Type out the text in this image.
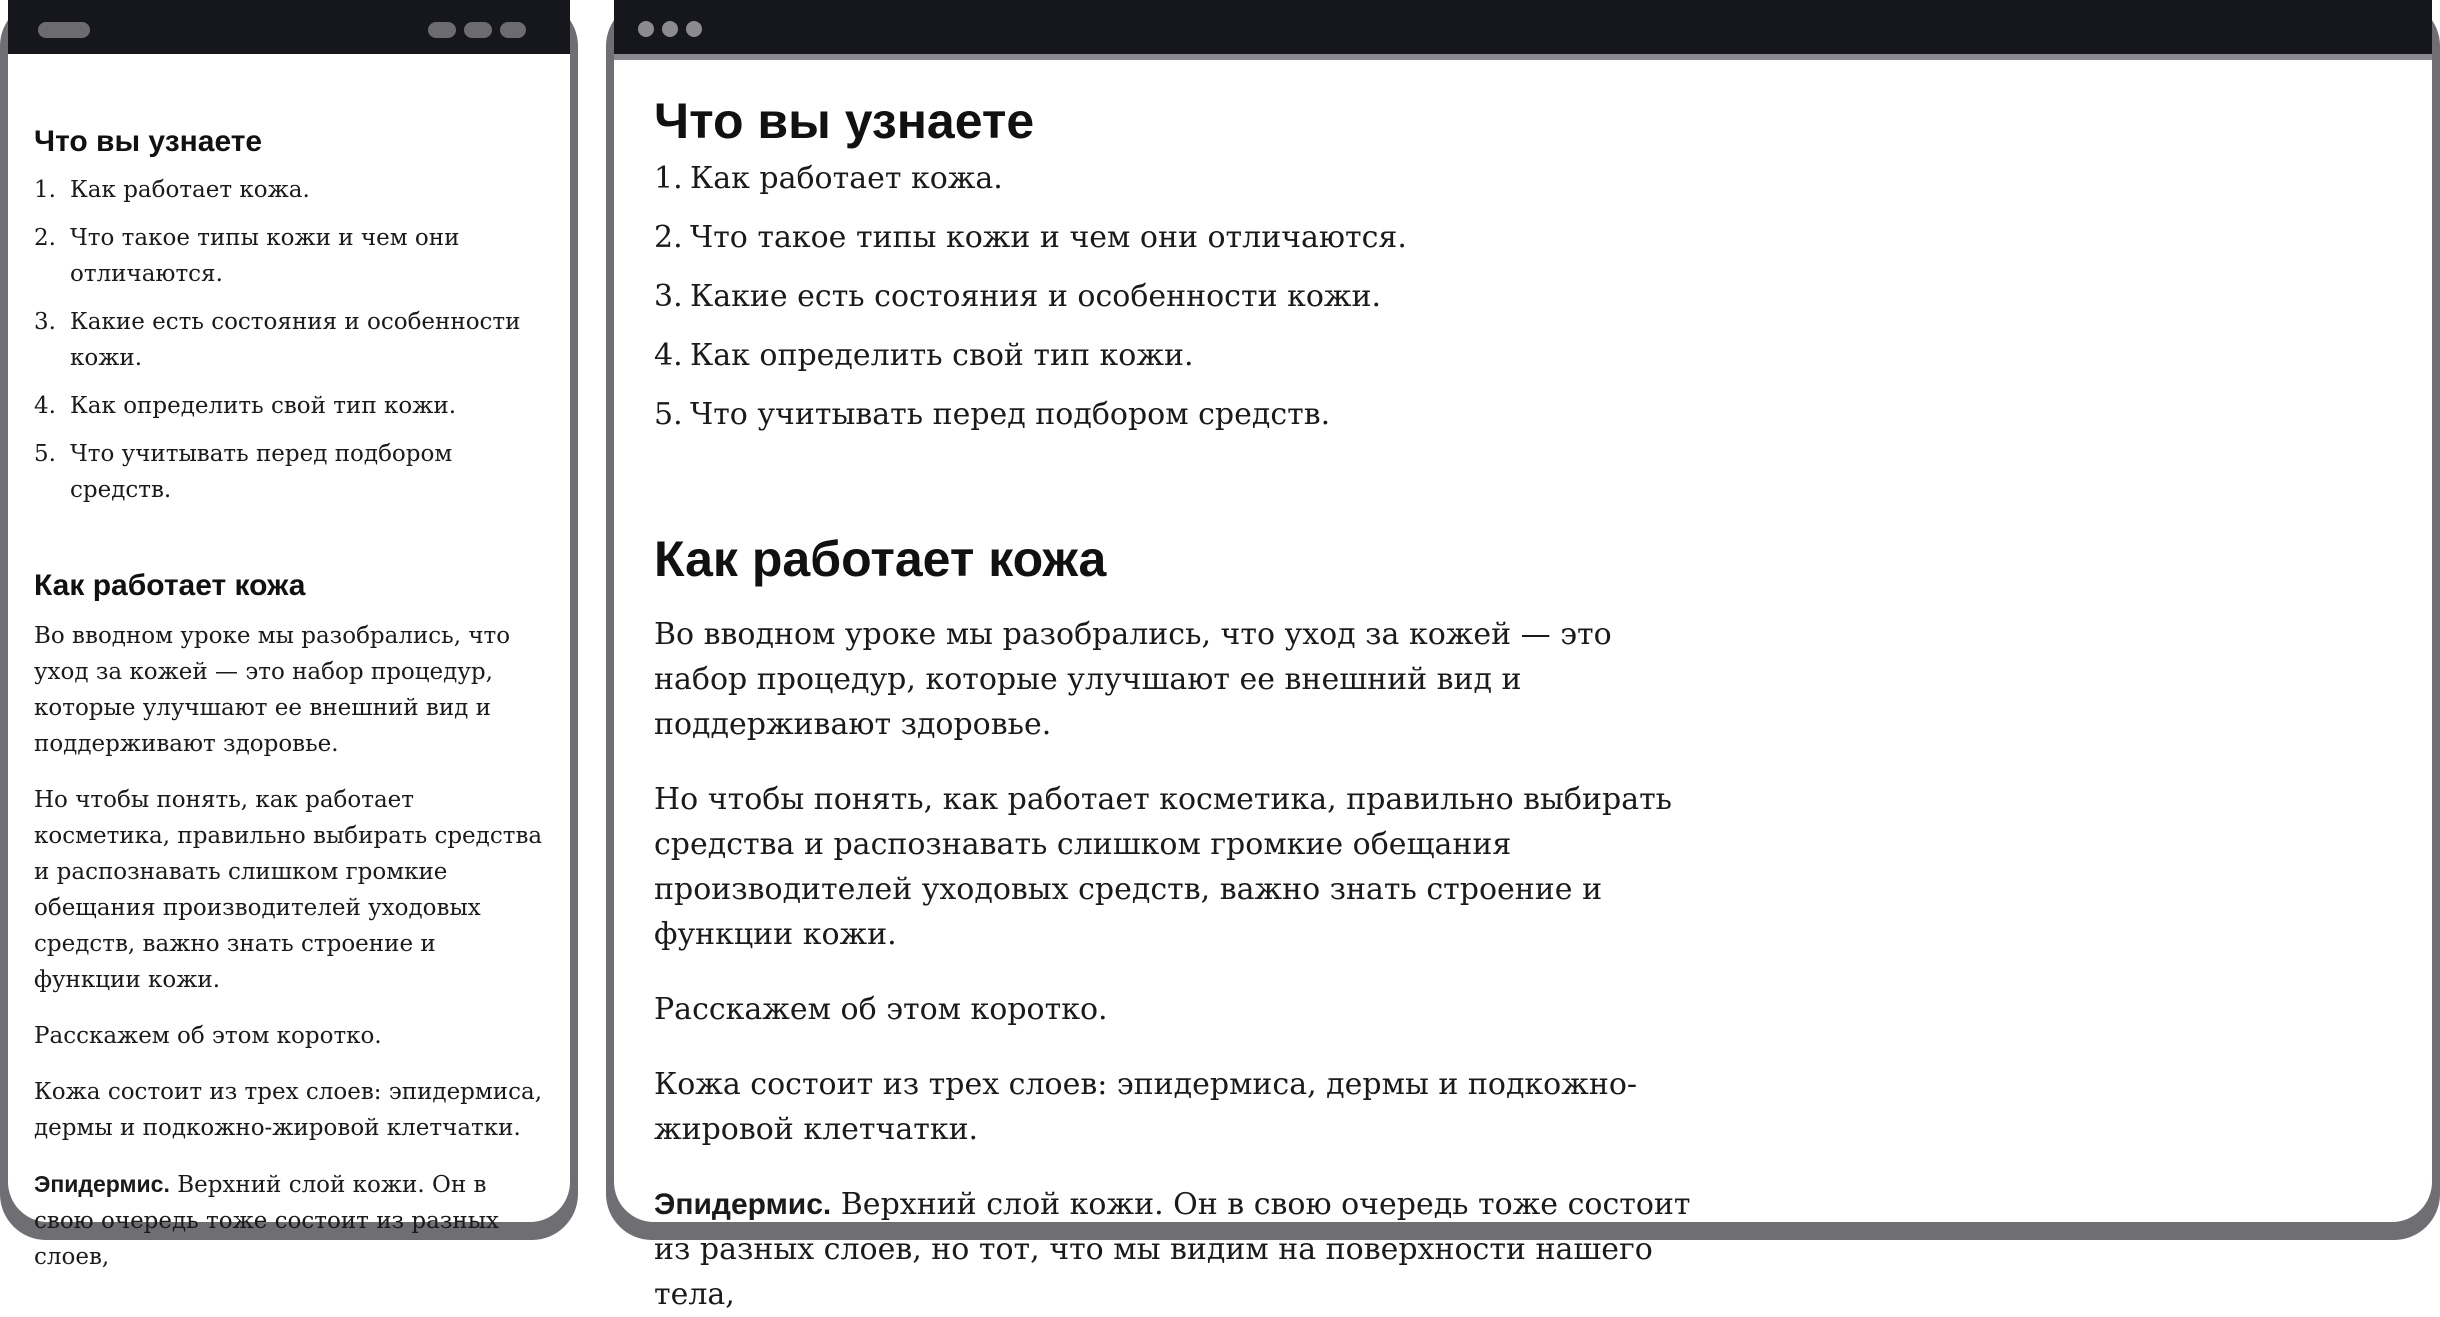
Что вы узнаете
1. Как работает кожа.
2. Что такое типы кожи и чем они отличаются.
3. Какие есть состояния и особенности кожи.
4. Как определить свой тип кожи.
5. Что учитывать перед подбором средств.
Как работает кожа

Во вводном уроке мы разобрались, что уход за кожей — это набор процедур, которые улучшают ее внешний вид и поддерживают здоровье.

Но чтобы понять, как работает косметика, правильно выбирать средства и распознавать слишком громкие обещания производителей уходовых средств, важно знать строение и функции кожи.

Расскажем об этом коротко.

Кожа состоит из трех слоев: эпидермиса, дермы и подкожно-жировой клетчатки.

Эпидермис. Верхний слой кожи. Он в свою очередь тоже состоит из разных слоев,

Что вы узнаете
1. Как работает кожа.
2. Что такое типы кожи и чем они отличаются.
3. Какие есть состояния и особенности кожи.
4. Как определить свой тип кожи.
5. Что учитывать перед подбором средств.
Как работает кожа

Во вводном уроке мы разобрались, что уход за кожей — это набор процедур, которые улучшают ее внешний вид и поддерживают здоровье.

Но чтобы понять, как работает косметика, правильно выбирать средства и распознавать слишком громкие обещания производителей уходовых средств, важно знать строение и функции кожи.

Расскажем об этом коротко.

Кожа состоит из трех слоев: эпидермиса, дермы и подкожно-жировой клетчатки.

Эпидермис. Верхний слой кожи. Он в свою очередь тоже состоит из разных слоев, но тот, что мы видим на поверхности нашего тела,
